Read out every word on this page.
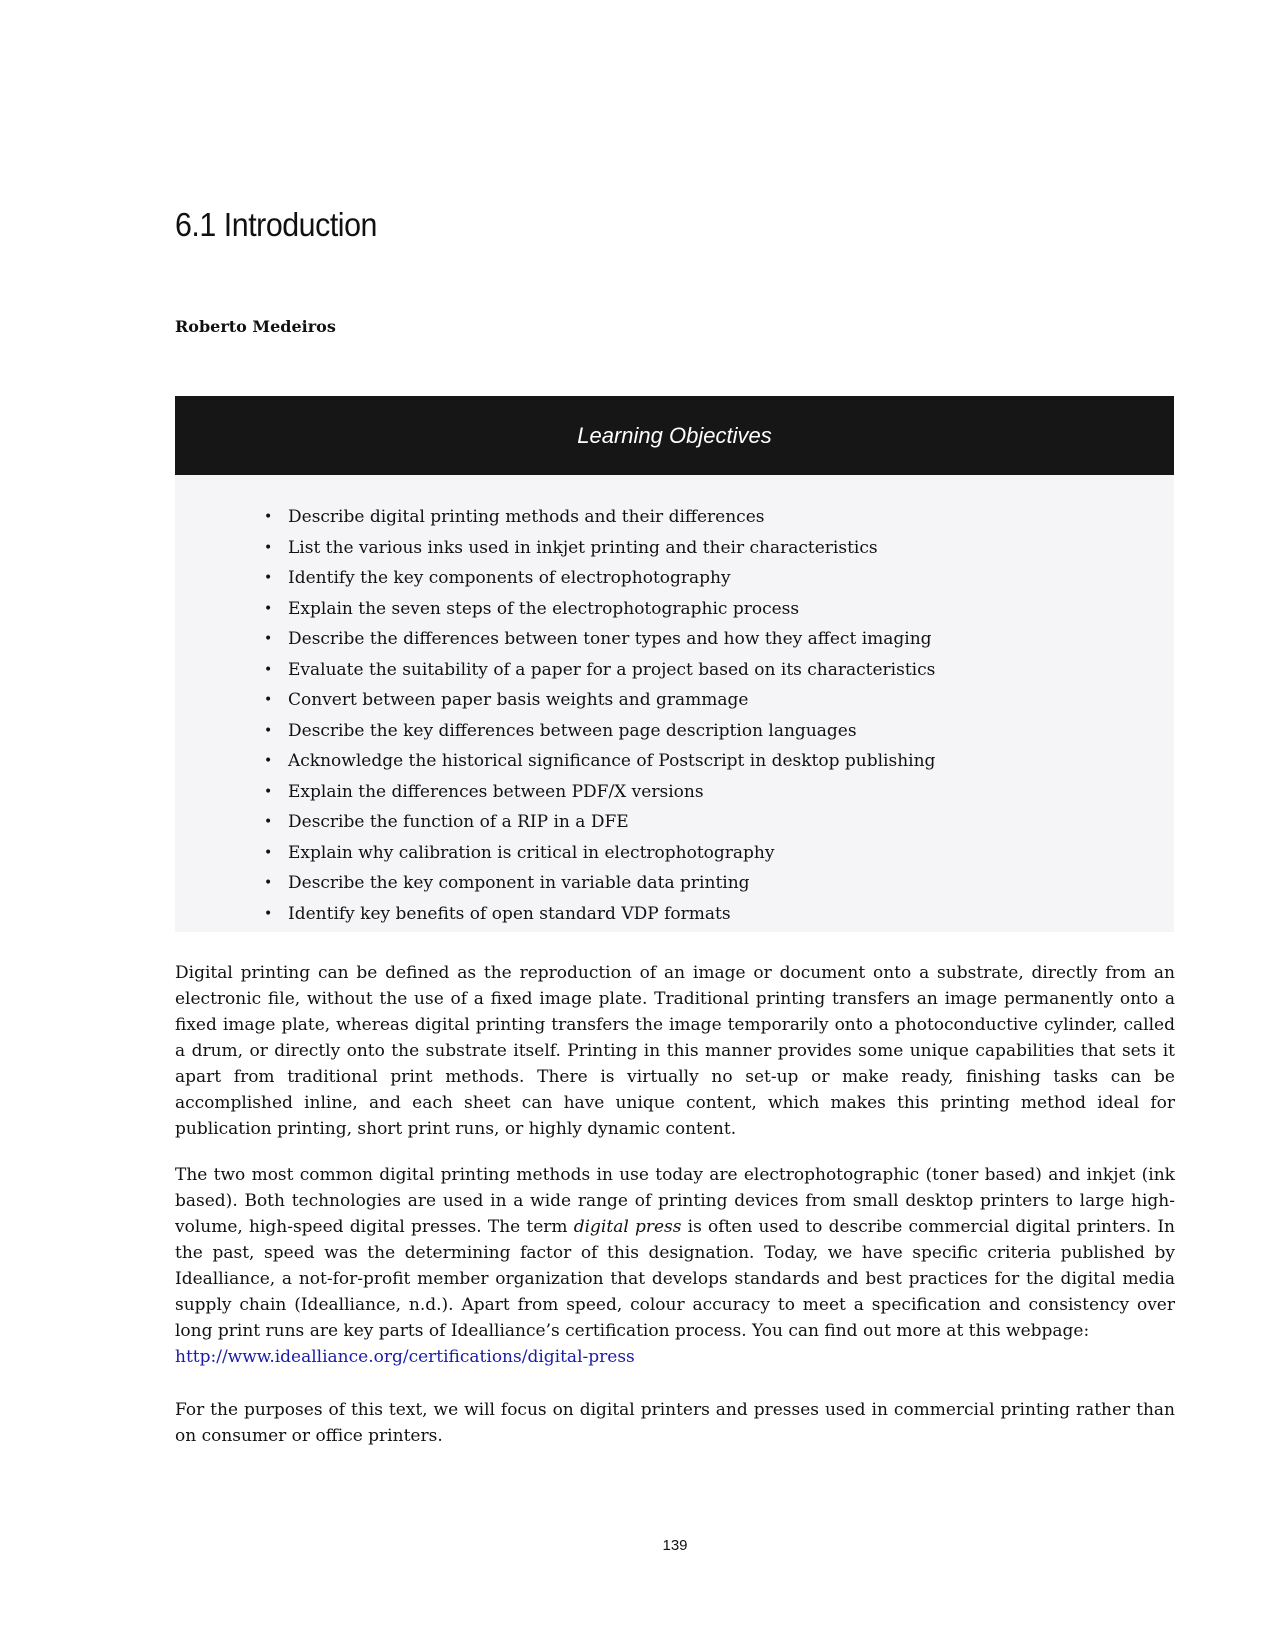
6.1 Introduction
Roberto Medeiros
Learning Objectives
• Describe digital printing methods and their differences
• List the various inks used in inkjet printing and their characteristics
• Identify the key components of electrophotography
• Explain the seven steps of the electrophotographic process
• Describe the differences between toner types and how they affect imaging
• Evaluate the suitability of a paper for a project based on its characteristics
• Convert between paper basis weights and grammage
• Describe the key differences between page description languages
• Acknowledge the historical significance of Postscript in desktop publishing
• Explain the differences between PDF/X versions
• Describe the function of a RIP in a DFE
• Explain why calibration is critical in electrophotography
• Describe the key component in variable data printing
• Identify key benefits of open standard VDP formats

Digital printing can be defined as the reproduction of an image or document onto a substrate, directly from an electronic file, without the use of a fixed image plate. Traditional printing transfers an image permanently onto a fixed image plate, whereas digital printing transfers the image temporarily onto a photoconductive cylinder, called a drum, or directly onto the substrate itself. Printing in this manner provides some unique capabilities that sets it apart from traditional print methods. There is virtually no set-up or make ready, finishing tasks can be accomplished inline, and each sheet can have unique content, which makes this printing method ideal for publication printing, short print runs, or highly dynamic content.

The two most common digital printing methods in use today are electrophotographic (toner based) and inkjet (ink based). Both technologies are used in a wide range of printing devices from small desktop printers to large high-volume, high-speed digital presses. The term digital press is often used to describe commercial digital printers. In the past, speed was the determining factor of this designation. Today, we have specific criteria published by Idealliance, a not-for-profit member organization that develops standards and best practices for the digital media supply chain (Idealliance, n.d.). Apart from speed, colour accuracy to meet a specification and consistency over long print runs are key parts of Idealliance’s certification process. You can find out more at this webpage:
http://www.idealliance.org/certifications/digital-press

For the purposes of this text, we will focus on digital printers and presses used in commercial printing rather than on consumer or office printers.

139
